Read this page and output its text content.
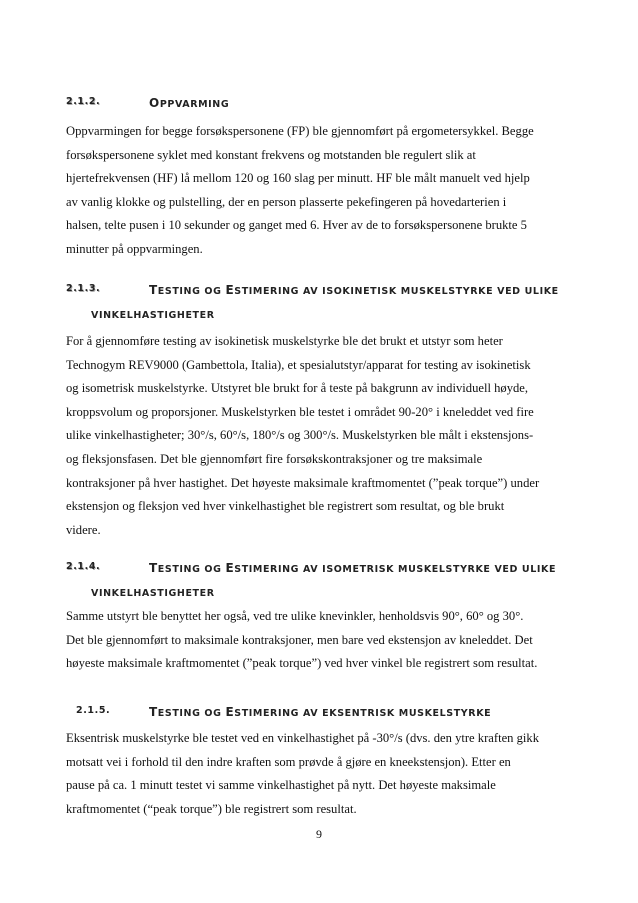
2.1.2.	OPPVARMING
Oppvarmingen for begge forsøkspersonene (FP) ble gjennomført på ergometersykkel. Begge
forsøkspersonene syklet med konstant frekvens og motstanden ble regulert slik at
hjertefrekvensen (HF) lå mellom 120 og 160 slag per minutt. HF ble målt manuelt ved hjelp
av vanlig klokke og pulstelling, der en person plasserte pekefingeren på hovedarterien i
halsen, telte pusen i 10 sekunder og ganget med 6. Hver av de to forsøkspersonene brukte 5
minutter på oppvarmingen.
2.1.3.	TESTING OG ESTIMERING AV ISOKINETISK MUSKELSTYRKE VED ULIKE
VINKELHASTIGHETER
For å gjennomføre testing av isokinetisk muskelstyrke ble det brukt et utstyr som heter
Technogym REV9000 (Gambettola, Italia), et spesialutstyr/apparat for testing av isokinetisk
og isometrisk muskelstyrke. Utstyret ble brukt for å teste på bakgrunn av individuell høyde,
kroppsvolum og proporsjoner. Muskelstyrken ble testet i området 90-20° i kneleddet ved fire
ulike vinkelhastigheter; 30°/s, 60°/s, 180°/s og 300°/s. Muskelstyrken ble målt i ekstensjons-
og fleksjonsfasen. Det ble gjennomført fire forsøkskontraksjoner og tre maksimale
kontraksjoner på hver hastighet. Det høyeste maksimale kraftmomentet (”peak torque”) under
ekstensjon og fleksjon ved hver vinkelhastighet ble registrert som resultat, og ble brukt
videre.
2.1.4.	TESTING OG ESTIMERING AV ISOMETRISK MUSKELSTYRKE VED ULIKE
VINKELHASTIGHETER
Samme utstyrt ble benyttet her også, ved tre ulike knevinkler, henholdsvis 90°, 60° og 30°.
Det ble gjennomført to maksimale kontraksjoner, men bare ved ekstensjon av kneleddet. Det
høyeste maksimale kraftmomentet (”peak torque”) ved hver vinkel ble registrert som resultat.
2.1.5.	TESTING OG ESTIMERING AV EKSENTRISK MUSKELSTYRKE
Eksentrisk muskelstyrke ble testet ved en vinkelhastighet på -30°/s (dvs. den ytre kraften gikk
motsatt vei i forhold til den indre kraften som prøvde å gjøre en kneekstensjon). Etter en
pause på ca. 1 minutt testet vi samme vinkelhastighet på nytt. Det høyeste maksimale
kraftmomentet (“peak torque”) ble registrert som resultat.
9
